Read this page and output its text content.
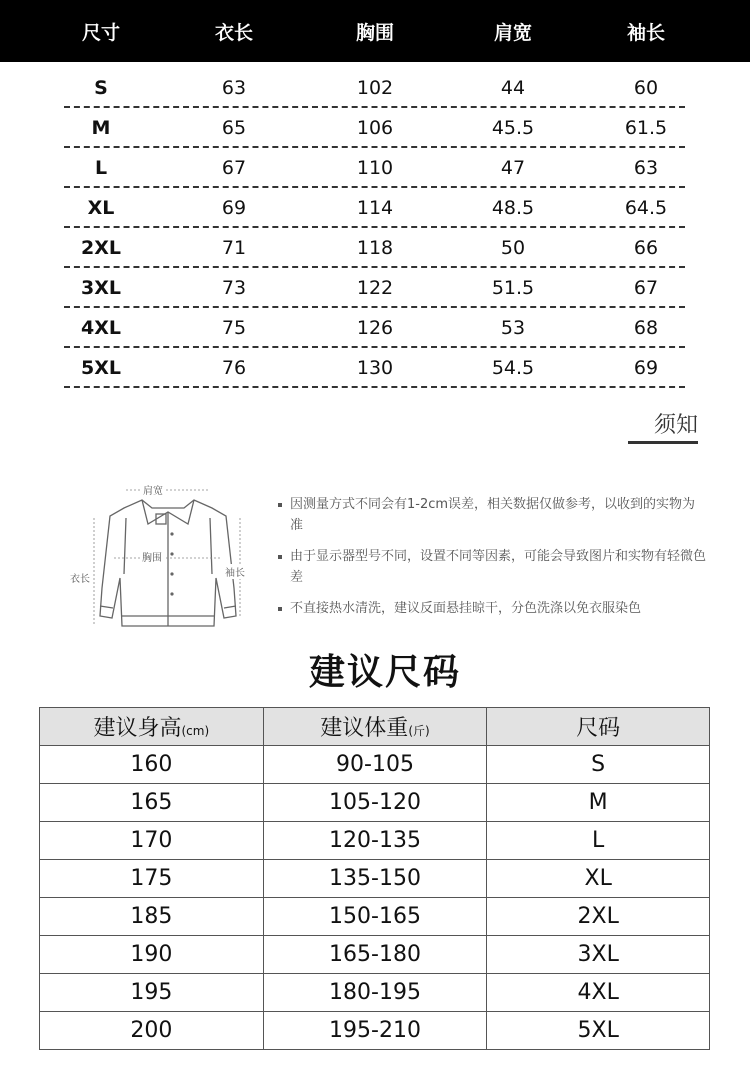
尺寸	衣长	胸围	肩宽	袖长
S	63	102	44	60
M	65	106	45.5	61.5
L	67	110	47	63
XL	69	114	48.5	64.5
2XL	71	118	50	66
3XL	73	122	51.5	67
4XL	75	126	53	68
5XL	76	130	54.5	69
须知
肩宽
胸围
衣长
袖长
因测量方式不同会有1-2cm误差，相关数据仅做参考，以收到的实物为准
由于显示器型号不同，设置不同等因素，可能会导致图片和实物有轻微色差
不直接热水清洗，建议反面悬挂晾干，分色洗涤以免衣服染色
建议尺码
建议身高(cm)	建议体重(斤)	尺码
160	90-105	S
165	105-120	M
170	120-135	L
175	135-150	XL
185	150-165	2XL
190	165-180	3XL
195	180-195	4XL
200	195-210	5XL
